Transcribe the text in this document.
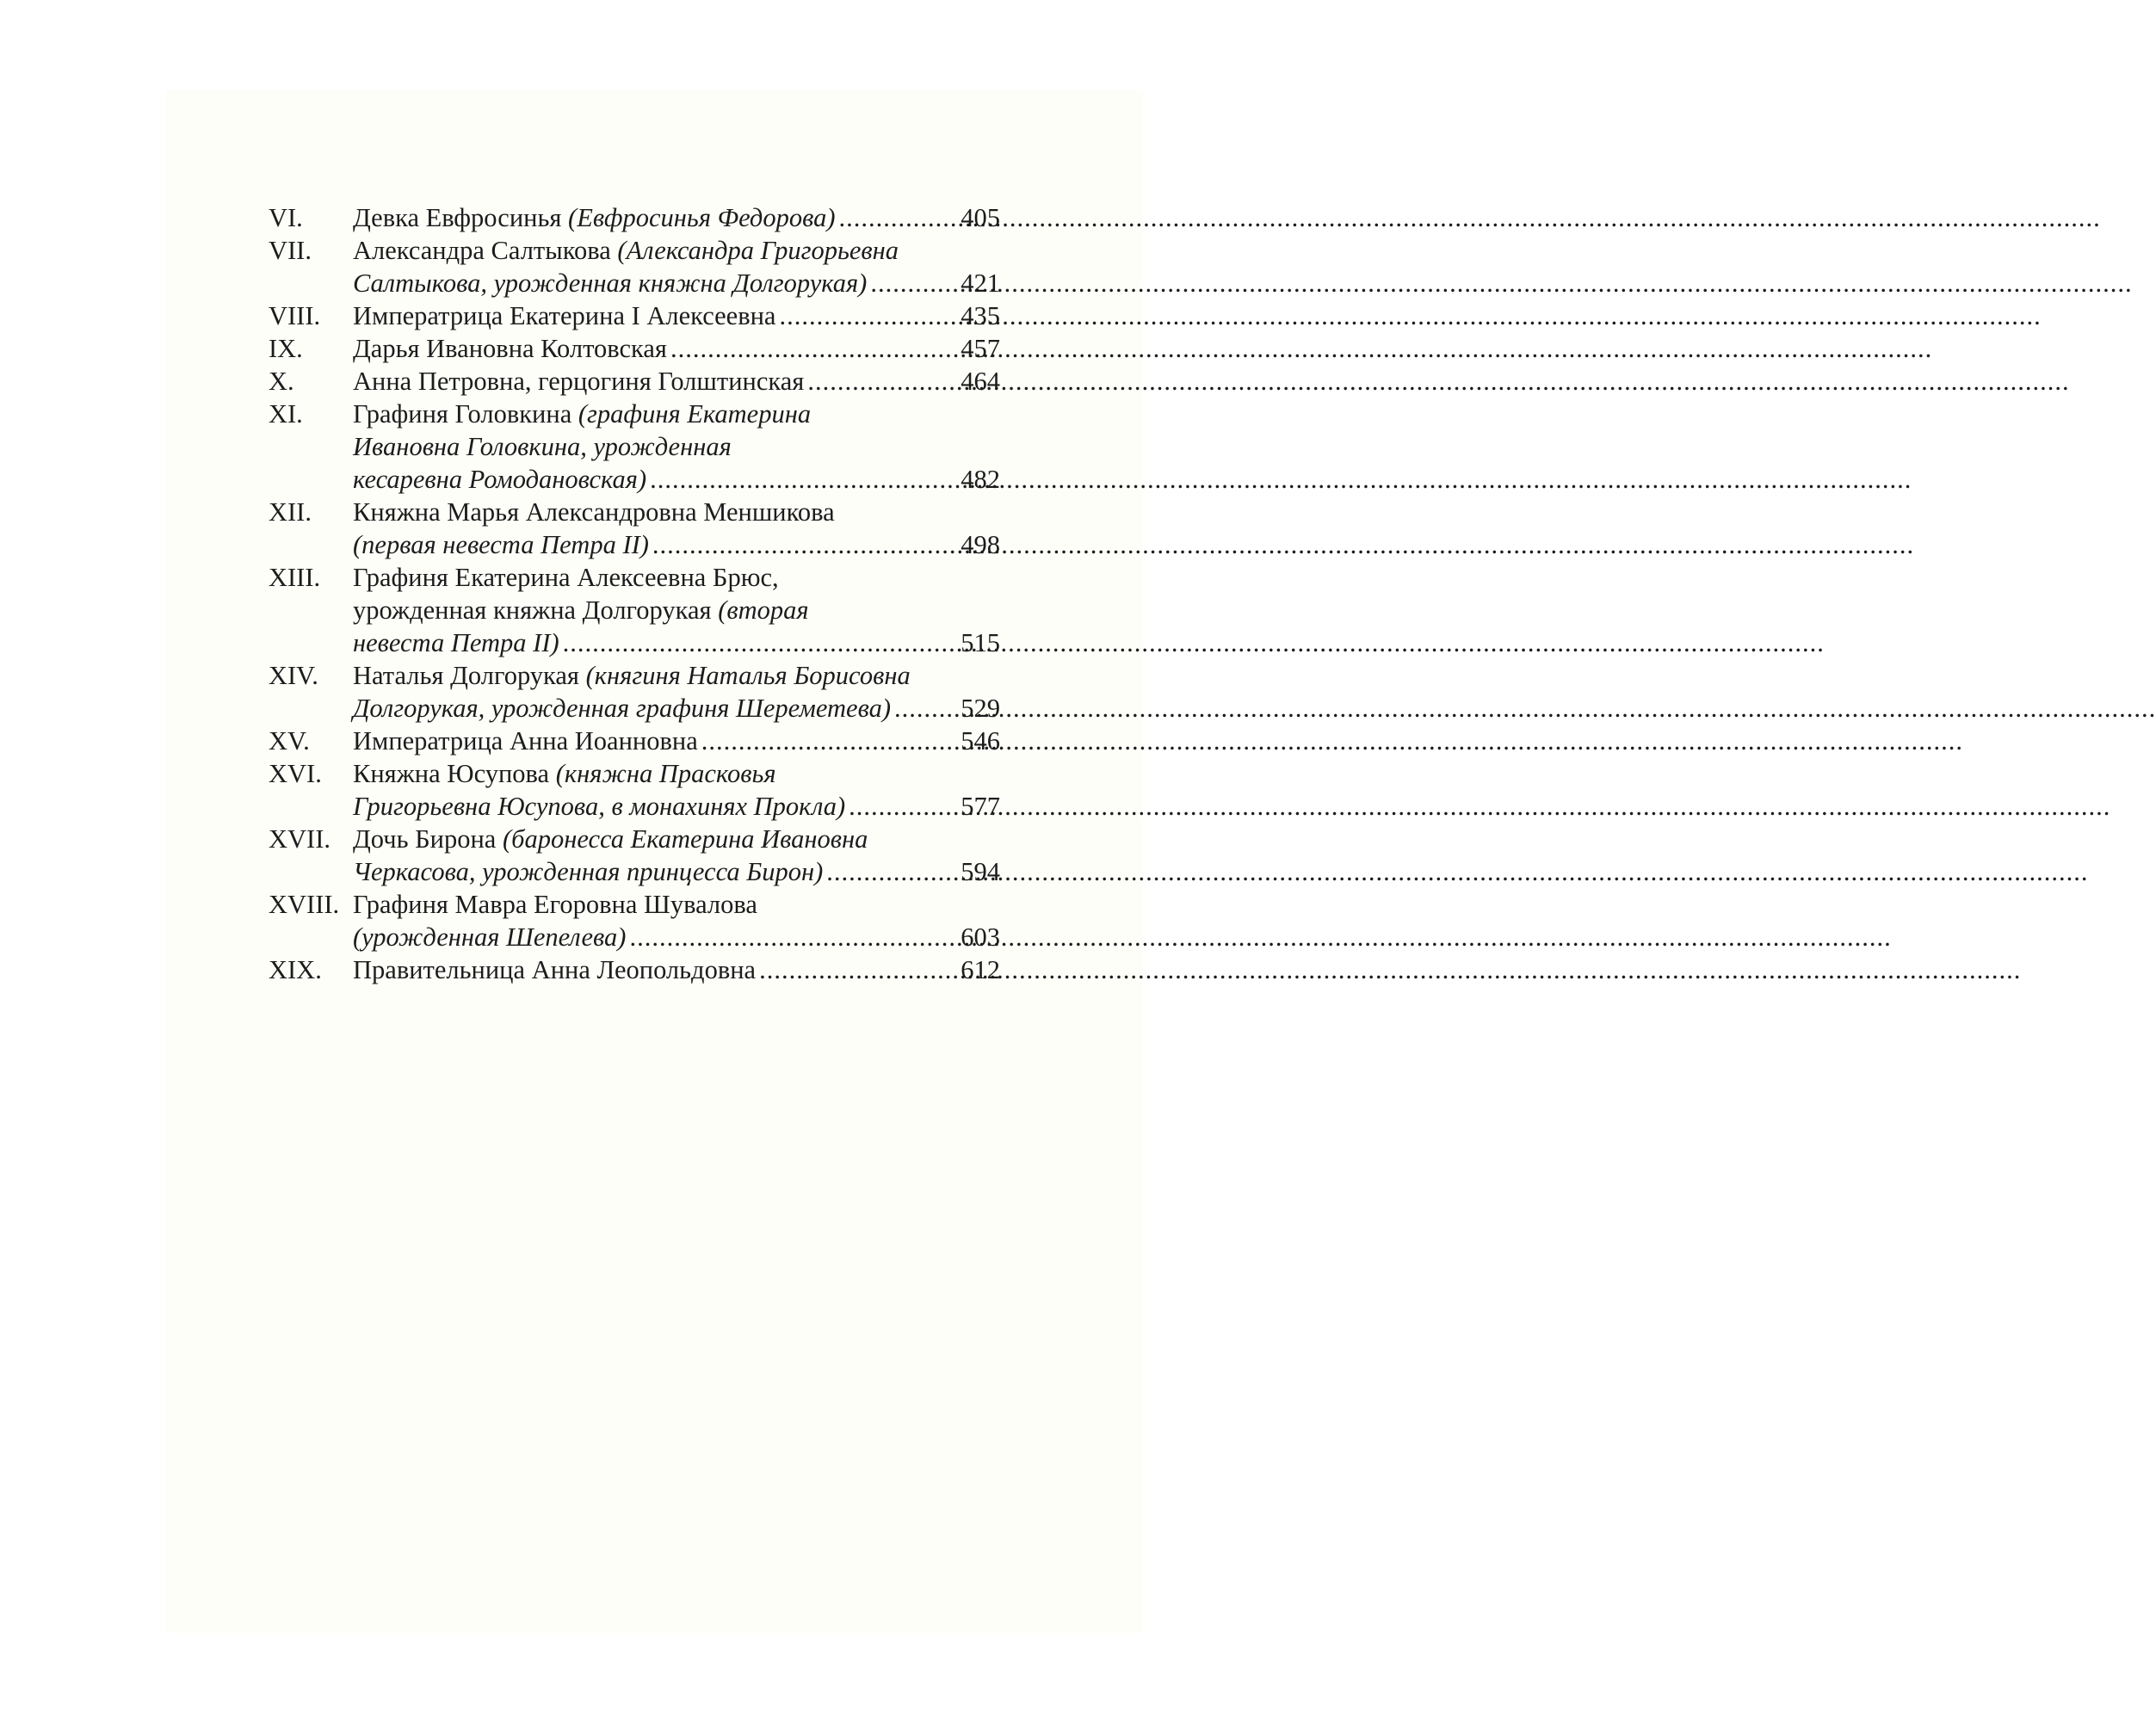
VI.	Девка Евфросинья (Евфросинья Федорова) .....	405
VII.	Александра Салтыкова (Александра Григорьевна
Салтыкова, урожденная княжна Долгорукая) .....	421
VIII.	Императрица Екатерина I Алексеевна .....	435
IX.	Дарья Ивановна Колтовская .....	457
X.	Анна Петровна, герцогиня Голштинская .....	464
XI.	Графиня Головкина (графиня Екатерина
Ивановна Головкина, урожденная
кесаревна Ромодановская) .....	482
XII.	Княжна Марья Александровна Меншикова
(первая невеста Петра II) .....	498
XIII.	Графиня Екатерина Алексеевна Брюс,
урожденная княжна Долгорукая (вторая
невеста Петра II) .....	515
XIV.	Наталья Долгорукая (княгиня Наталья Борисовна
Долгорукая, урожденная графиня Шереметева) .....	529
XV.	Императрица Анна Иоанновна .....	546
XVI.	Княжна Юсупова (княжна Прасковья
Григорьевна Юсупова, в монахинях Прокла) .....	577
XVII. Дочь Бирона (баронесса Екатерина Ивановна
Черкасова, урожденная принцесса Бирон) .....	594
XVIII. Графиня Мавра Егоровна Шувалова
(урожденная Шепелева) .....	603
XIX.	Правительница Анна Леопольдовна .....	612
